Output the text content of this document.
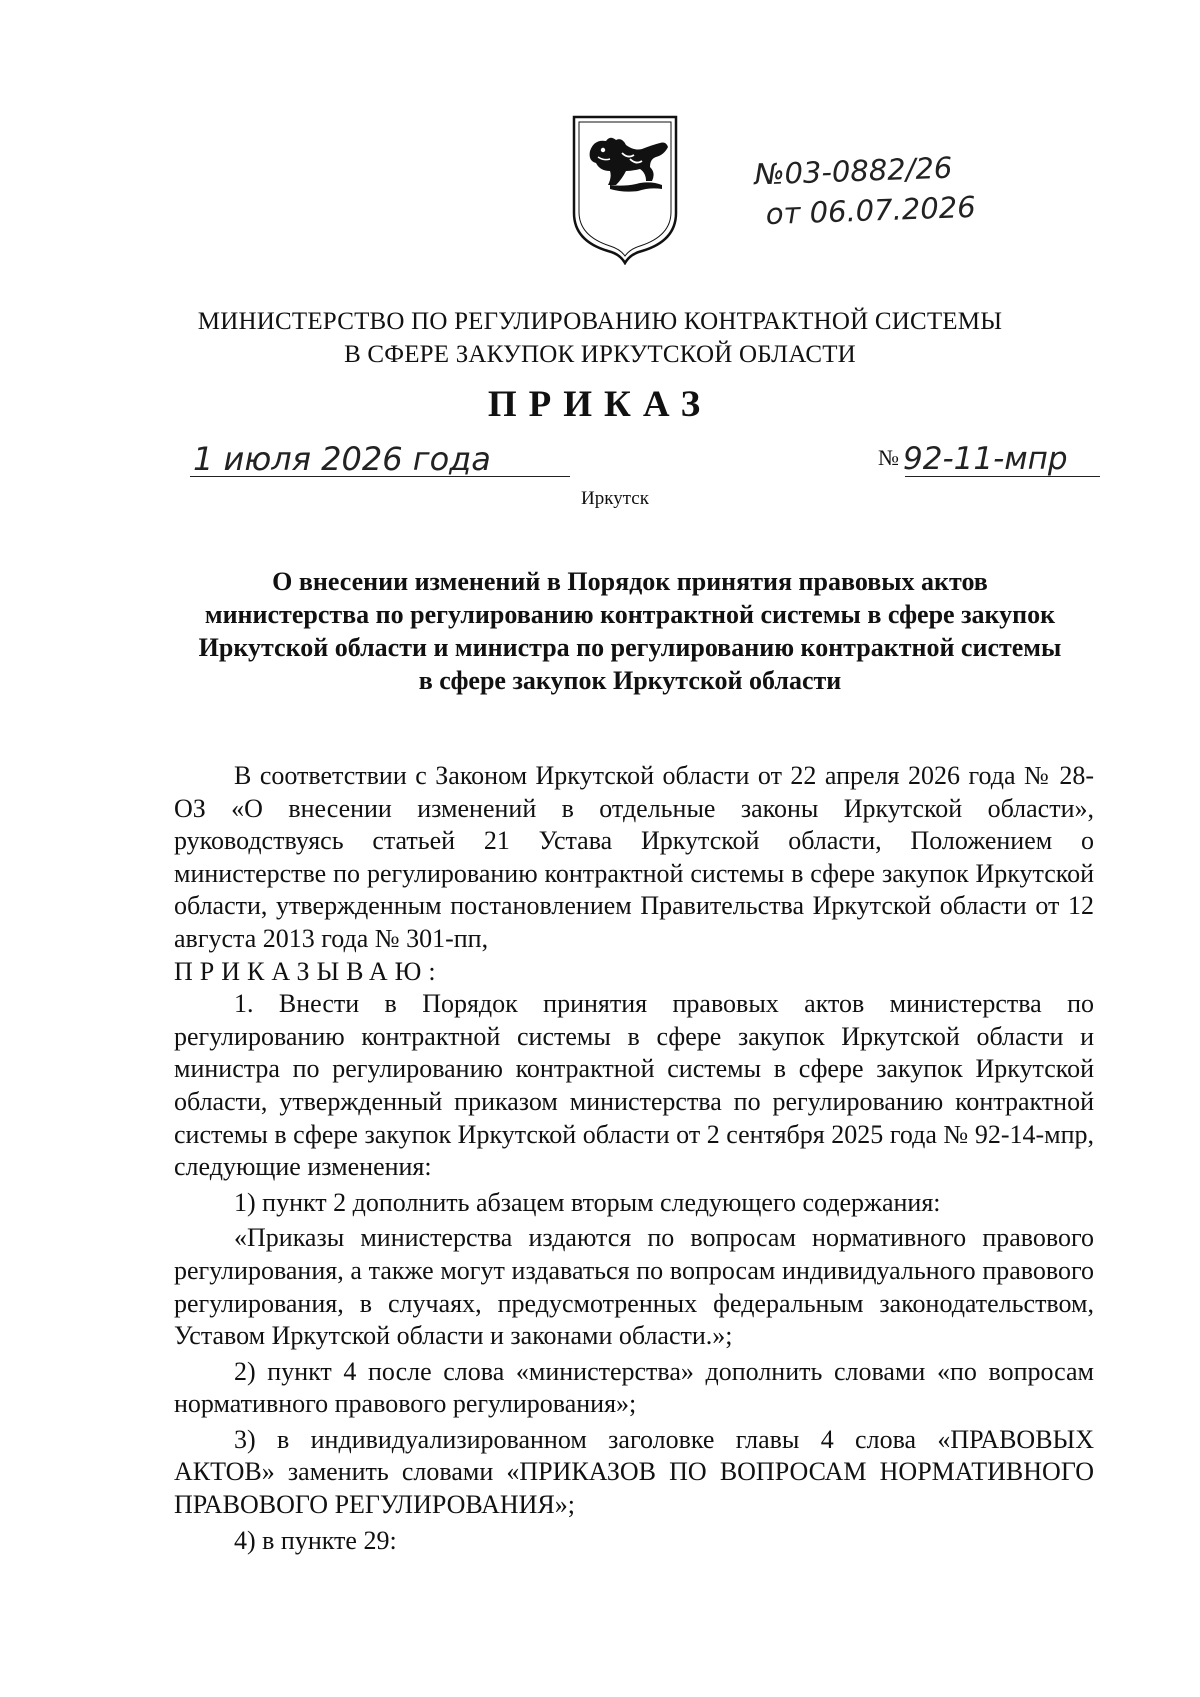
№03-0882/26
от 06.07.2026
МИНИСТЕРСТВО ПО РЕГУЛИРОВАНИЮ КОНТРАКТНОЙ СИСТЕМЫ
В СФЕРЕ ЗАКУПОК ИРКУТСКОЙ ОБЛАСТИ
ПРИКАЗ
1 июля 2026 года	№ 92-11-мпр
Иркутск
О внесении изменений в Порядок принятия правовых актов
министерства по регулированию контрактной системы в сфере закупок
Иркутской области и министра по регулированию контрактной системы
в сфере закупок Иркутской области

В соответствии с Законом Иркутской области от 22 апреля 2026 года № 28-ОЗ «О внесении изменений в отдельные законы Иркутской области», руководствуясь статьей 21 Устава Иркутской области, Положением о министерстве по регулированию контрактной системы в сфере закупок Иркутской области, утвержденным постановлением Правительства Иркутской области от 12 августа 2013 года № 301-пп,

ПРИКАЗЫВАЮ:

1. Внести в Порядок принятия правовых актов министерства по регулированию контрактной системы в сфере закупок Иркутской области и министра по регулированию контрактной системы в сфере закупок Иркутской области, утвержденный приказом министерства по регулированию контрактной системы в сфере закупок Иркутской области от 2 сентября 2025 года № 92-14-мпр, следующие изменения:

1) пункт 2 дополнить абзацем вторым следующего содержания:

«Приказы министерства издаются по вопросам нормативного правового регулирования, а также могут издаваться по вопросам индивидуального правового регулирования, в случаях, предусмотренных федеральным законодательством, Уставом Иркутской области и законами области.»;

2) пункт 4 после слова «министерства» дополнить словами «по вопросам нормативного правового регулирования»;

3) в индивидуализированном заголовке главы 4 слова «ПРАВОВЫХ АКТОВ» заменить словами «ПРИКАЗОВ ПО ВОПРОСАМ НОРМАТИВНОГО ПРАВОВОГО РЕГУЛИРОВАНИЯ»;

4) в пункте 29:
